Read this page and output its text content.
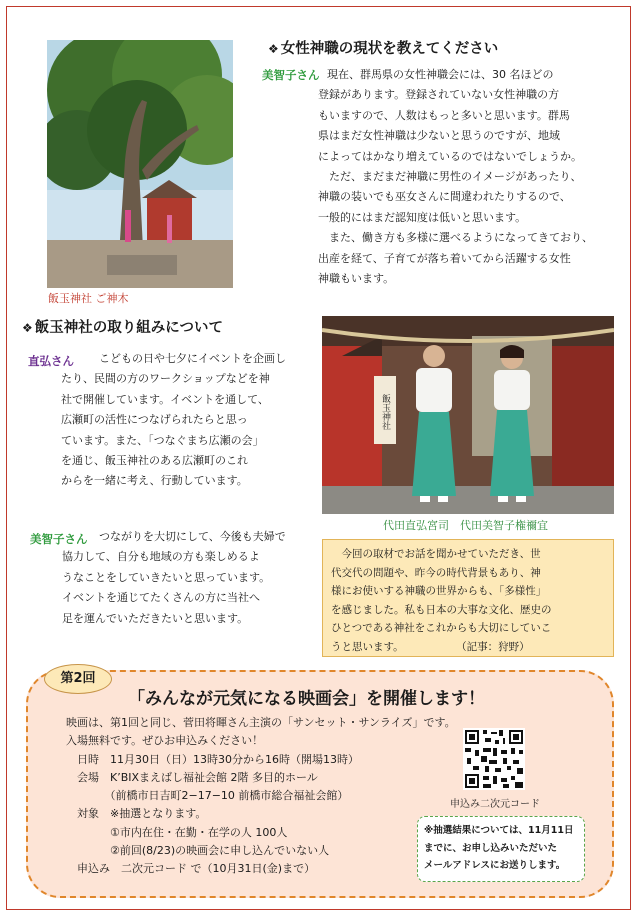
飯玉神社 ご神木
❖ 女性神職の現状を教えてください
美智子さん 現在、群馬県の女性神職会には、30 名ほどの

登録があります。登録されていない女性神職の方

もいますので、人数はもっと多いと思います。群馬

県はまだ女性神職は少ないと思うのですが、地域

によってはかなり増えているのではないでしょうか。

　ただ、まだまだ神職に男性のイメージがあったり、

神職の装いでも巫女さんに間違われたりするので、

一般的にはまだ認知度は低いと思います。

　また、働き方も多様に選べるようになってきており、

出産を経て、子育てが落ち着いてから活躍する女性

神職もいます。

❖ 飯玉神社の取り組みについて
直弘さん 　こどもの日や七夕にイベントを企画し

たり、民間の方のワークショップなどを神

社で開催しています。イベントを通して、

広瀬町の活性につなげられたらと思っ

ています。また、「つなぐまち広瀬の会」

を通じ、飯玉神社のある広瀬町のこれ

からを一緒に考え、行動しています。

美智子さん 　つながりを大切にして、今後も夫婦で

協力して、自分も地域の方も楽しめるよ

うなことをしていきたいと思っています。

イベントを通じてたくさんの方に当社へ

足を運んでいただきたいと思います。

飯玉神社
代田直弘宮司　代田美智子権禰宜

　今回の取材でお話を聞かせていただき、世

代交代の問題や、昨今の時代背景もあり、神

様にお使いする神職の世界からも、「多様性」

を感じました。私も日本の大事な文化、歴史の

ひとつである神社をこれからも大切にしていこ

うと思います。　　　　　　（記事：狩野）

第2回
「みんなが元気になる映画会」を開催します！

映画は、第1回と同じ、菅田将暉さん主演の「サンセット・サンライズ」です。

入場無料です。ぜひお申込みください！

　日時　11月30日（日）13時30分から16時（開場13時）

　会場　K’BIXまえばし福祉会館 2階 多目的ホール

　　　　（前橋市日吉町2−17−10 前橋市総合福祉会館）

　対象　※抽選となります。

　　　　①市内在住・在勤・在学の人 100人

　　　　②前回(8/23)の映画会に申し込んでいない人

　申込み　二次元コード で（10月31日(金)まで）

申込み二次元コード

※抽選結果については、11月11日

までに、お申し込みいただいた

メールアドレスにお送りします。
